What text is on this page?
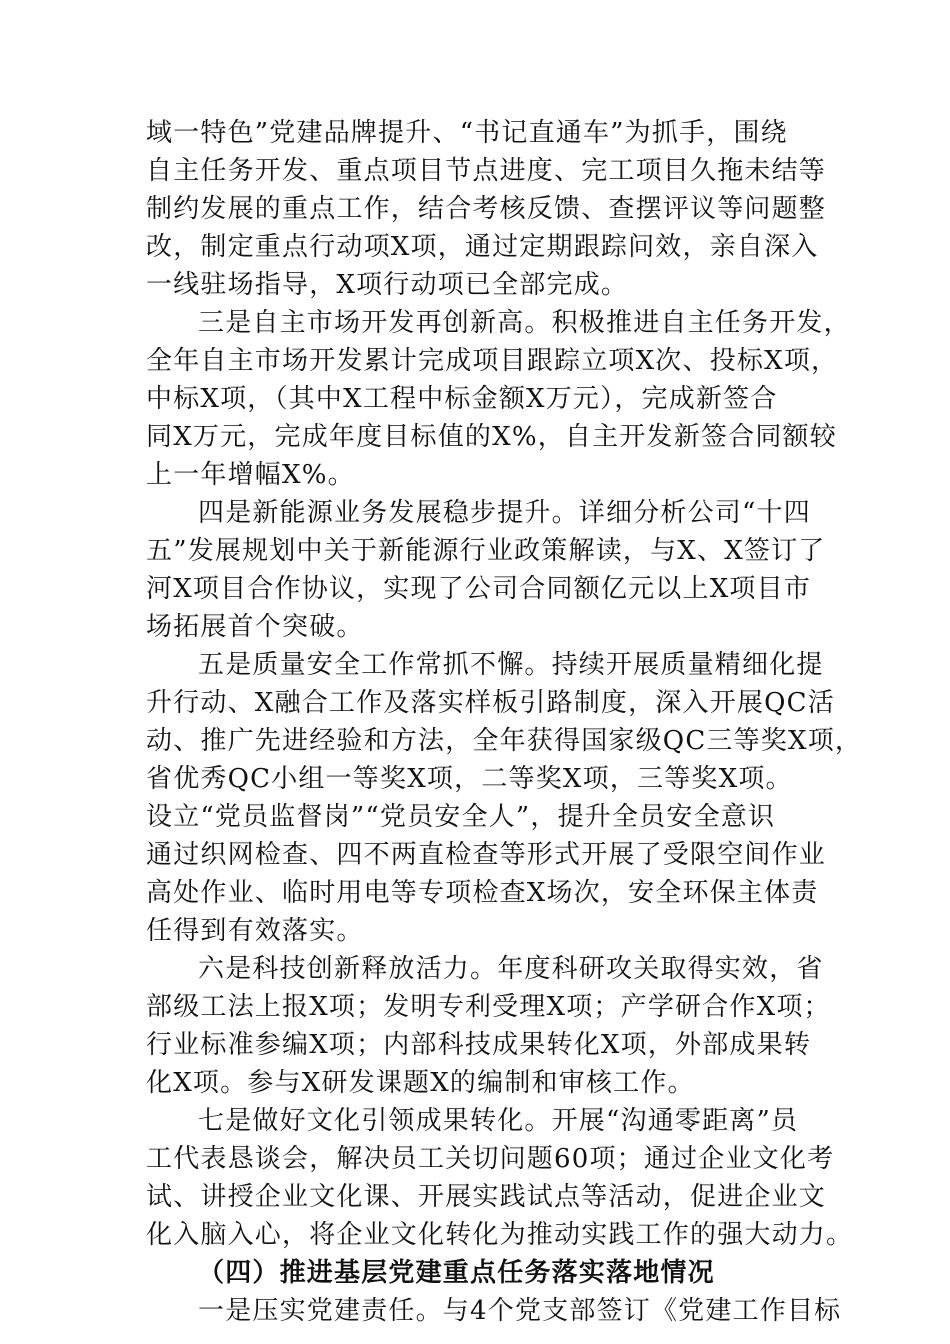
域一特色”党建品牌提升、“书记直通车”为抓手，围绕
自主任务开发、重点项目节点进度、完工项目久拖未结等
制约发展的重点工作，结合考核反馈、查摆评议等问题整
改，制定重点行动项X项，通过定期跟踪问效，亲自深入
一线驻场指导，X项行动项已全部完成。
三是自主市场开发再创新高。积极推进自主任务开发，
全年自主市场开发累计完成项目跟踪立项X次、投标X项，
中标X项，（其中X工程中标金额X万元），完成新签合
同X万元，完成年度目标值的X%，自主开发新签合同额较
上一年增幅X%。
四是新能源业务发展稳步提升。详细分析公司“十四
五”发展规划中关于新能源行业政策解读，与X、X签订了
河X项目合作协议，实现了公司合同额亿元以上X项目市
场拓展首个突破。
五是质量安全工作常抓不懈。持续开展质量精细化提
升行动、X融合工作及落实样板引路制度，深入开展QC活
动、推广先进经验和方法，全年获得国家级QC三等奖X项，
省优秀QC小组一等奖X项，二等奖X项，三等奖X项。
设立“党员监督岗”“党员安全人”，提升全员安全意识
通过织网检查、四不两直检查等形式开展了受限空间作业
高处作业、临时用电等专项检查X场次，安全环保主体责
任得到有效落实。
六是科技创新释放活力。年度科研攻关取得实效，省
部级工法上报X项；发明专利受理X项；产学研合作X项；
行业标准参编X项；内部科技成果转化X项，外部成果转
化X项。参与X研发课题X的编制和审核工作。
七是做好文化引领成果转化。开展“沟通零距离”员
工代表恳谈会，解决员工关切问题60项；通过企业文化考
试、讲授企业文化课、开展实践试点等活动，促进企业文
化入脑入心，将企业文化转化为推动实践工作的强大动力。
（四）推进基层党建重点任务落实落地情况
一是压实党建责任。与4个党支部签订《党建工作目标
